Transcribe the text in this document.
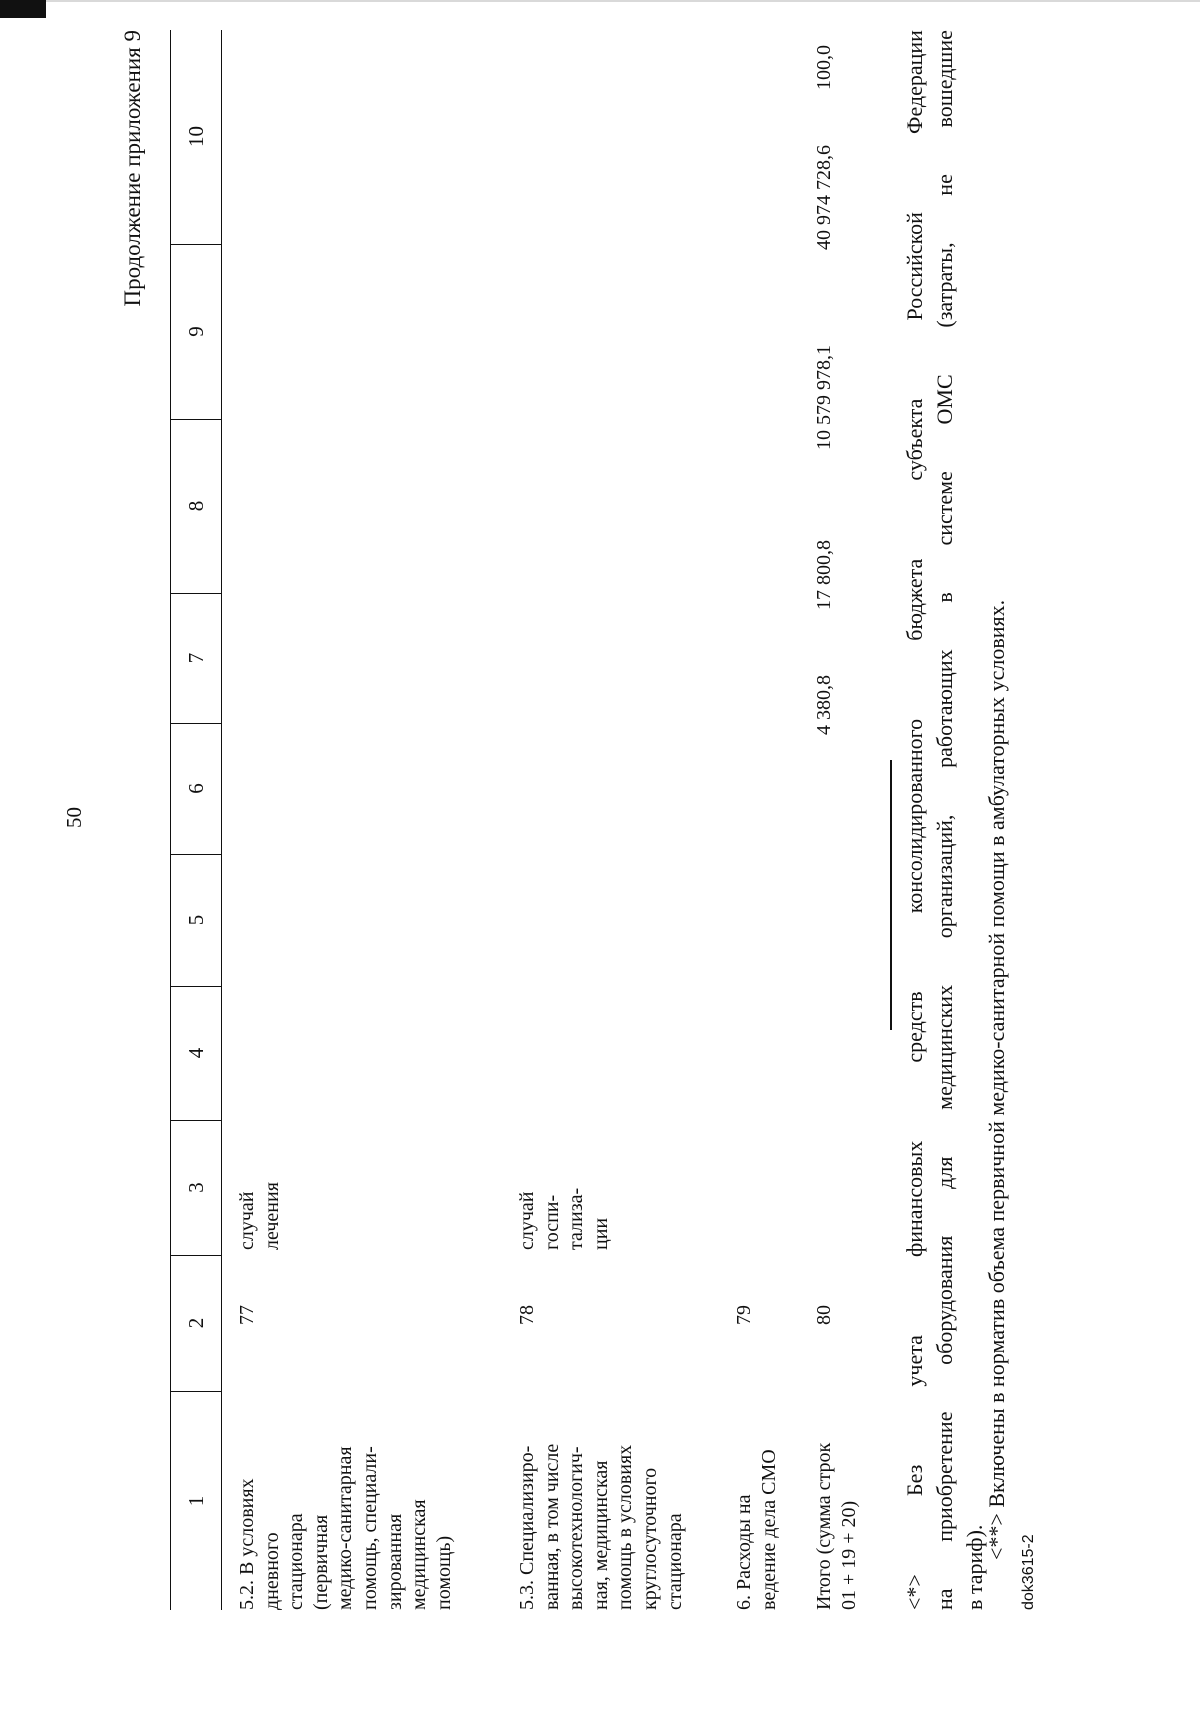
50
Продолжение приложения 9
1
2
3
4
5
6
7
8
9
10
5.2. В условиях дневного стационара (первичная медико-санитарная помощь, специали- зированная медицинская помощь)
77
случай лечения
5.3. Специализиро- ванная, в том числе высокотехнологич- ная, медицинская помощь в условиях круглосуточного стационара
78
случай госпи- тализа- ции
6. Расходы на ведение дела СМО
79
Итого (сумма строк 01 + 19 + 20)
80
4 380,8
17 800,8
10 579 978,1
40 974 728,6
100,0
<*>
Без
учета
финансовых
средств
консолидированного
бюджета
субъекта
Российской
Федерации
на
приобретение
оборудования
для
медицинских
организаций,
работающих
в
системе
ОМС
(затраты,
не
вошедшие
в тариф).
<**> Включены в норматив объема первичной медико-санитарной помощи в амбулаторных условиях.
dok3615-2
